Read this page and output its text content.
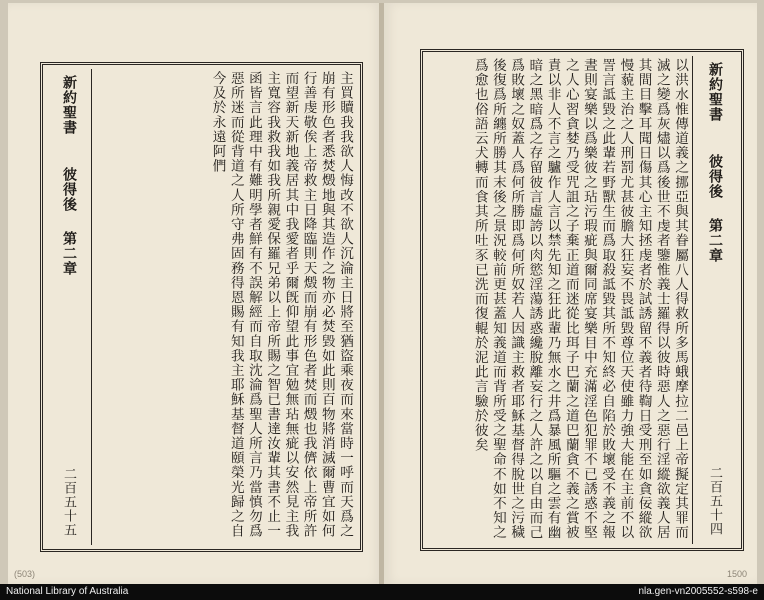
新約聖書
彼得後
第二章
二百五十五	主買贖我我欲人悔改不欲人沉淪主日將至猶盜乘夜而來當時一呼而天爲之崩有形色者悉焚燬地與其造作之物亦必焚毀如此則百物將消滅爾曹宜如何行善虔敬俟上帝救主日降臨則天燬而崩有形色者焚而燬也我儕依上帝所許而望新天新地義居其中我愛者乎爾旣仰望此事宜勉無玷無疵以安然見主我主寬容我救我如我所親愛保羅兄弟以上帝所賜之智已書達汝輩其書不止一函皆言此理中有難明學者鮮有不誤解經而自取沈淪爲聖人所言乃當慎勿爲惡所迷而從背道之人所守弗固務得恩賜有知我主耶穌基督道頤榮光歸之自今及於永遠阿們
(503)
以洪水惟傳道義之挪亞與其眷屬八人得救所多馬蛾摩拉二邑上帝擬定其罪而滅之變爲灰燼以爲後世不虔者鑒惟義士羅得以彼時惡人之惡行淫縱欲義人居其間目擊耳聞日傷其心主知拯虔者於試誘留不義者待鞫日受刑至如貪佞縱欲慢藐主治之人刑罰尤甚彼膽大狂妄不畏詆毀尊位天使雖力強大能在主前不以詈言詆毀之此輩若野獸生而爲取殺詆毀其所不知終必自陷於敗壞受不義之報晝則宴樂以爲樂彼之玷污瑕疵與爾同席宴樂目中充滿淫色犯罪不已誘惑不堅之人心習貪婪乃受咒詛之子棄正道而迷從比珥子巴蘭之道巴蘭貪不義之賞被責以非人不言之驢作人言以禁先知之狂此輩乃無水之井爲暴風所驅之雲有幽暗之黑暗爲之存留彼言虛誇以肉慾淫蕩誘惑纔脫離妄行之人許之以自由而己爲敗壞之奴蓋人爲何所勝即爲何所奴若人因識主救者耶穌基督得脫世之污穢後復爲所纏所勝其末後之景況較前更甚蓋知義道而背所受之聖命不如不知之爲愈也俗語云犬轉而食其所吐豕已洗而復輥於泥此言驗於彼矣	新約聖書
彼得後
第二章
二百五十四
1500
National Library of Australia	nla.gen-vn2005552-s598-e
